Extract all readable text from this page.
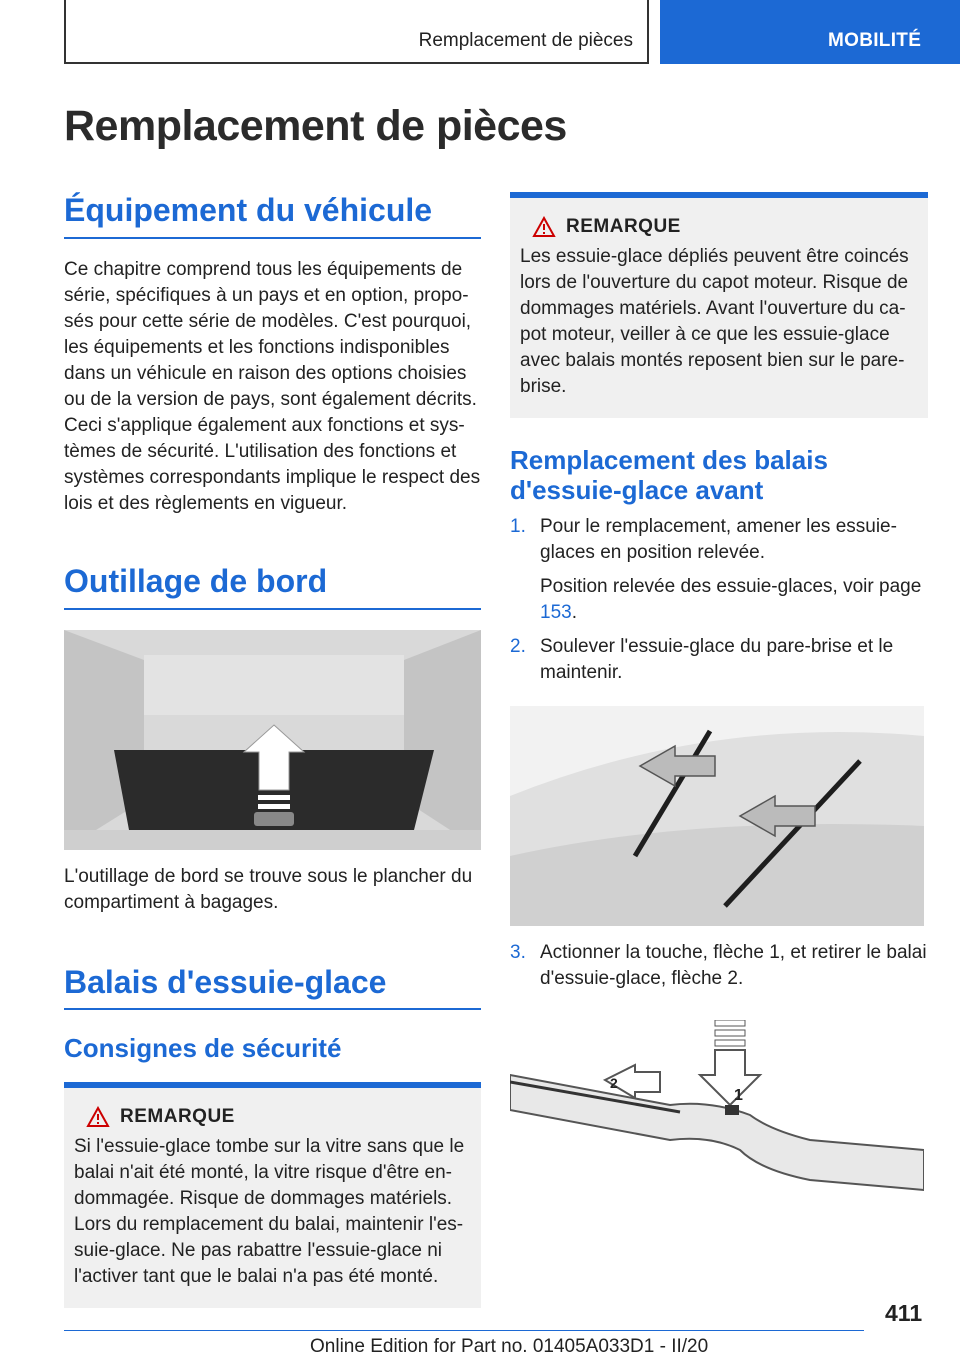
Remplacement de pièces	MOBILITÉ
Remplacement de pièces
Équipement du véhicule

Ce chapitre comprend tous les équipements de série, spécifiques à un pays et en option, proposés pour cette série de modèles. C'est pourquoi, les équipements et les fonctions indisponibles dans un véhicule en raison des options choisies ou de la version de pays, sont également décrits. Ceci s'applique également aux fonctions et systèmes de sécurité. L'utilisation des fonctions et systèmes correspondants implique le respect des lois et des règlements en vigueur.

Outillage de bord

L'outillage de bord se trouve sous le plancher du compartiment à bagages.

Balais d'essuie-glace
Consignes de sécurité
REMARQUE

Si l'essuie-glace tombe sur la vitre sans que le balai n'ait été monté, la vitre risque d'être endommagée. Risque de dommages matériels. Lors du remplacement du balai, maintenir l'essuie-glace. Ne pas rabattre l'essuie-glace ni l'activer tant que le balai n'a pas été monté.

REMARQUE

Les essuie-glace dépliés peuvent être coincés lors de l'ouverture du capot moteur. Risque de dommages matériels. Avant l'ouverture du capot moteur, veiller à ce que les essuie-glace avec balais montés reposent bien sur le pare-brise.

Remplacement des balais d'essuie-glace avant
1. Pour le remplacement, amener les essuie-glaces en position relevée.
Position relevée des essuie-glaces, voir page 153.
2. Soulever l'essuie-glace du pare-brise et le maintenir.
3. Actionner la touche, flèche 1, et retirer le balai d'essuie-glace, flèche 2.
1
2
411
Online Edition for Part no. 01405A033D1 - II/20
